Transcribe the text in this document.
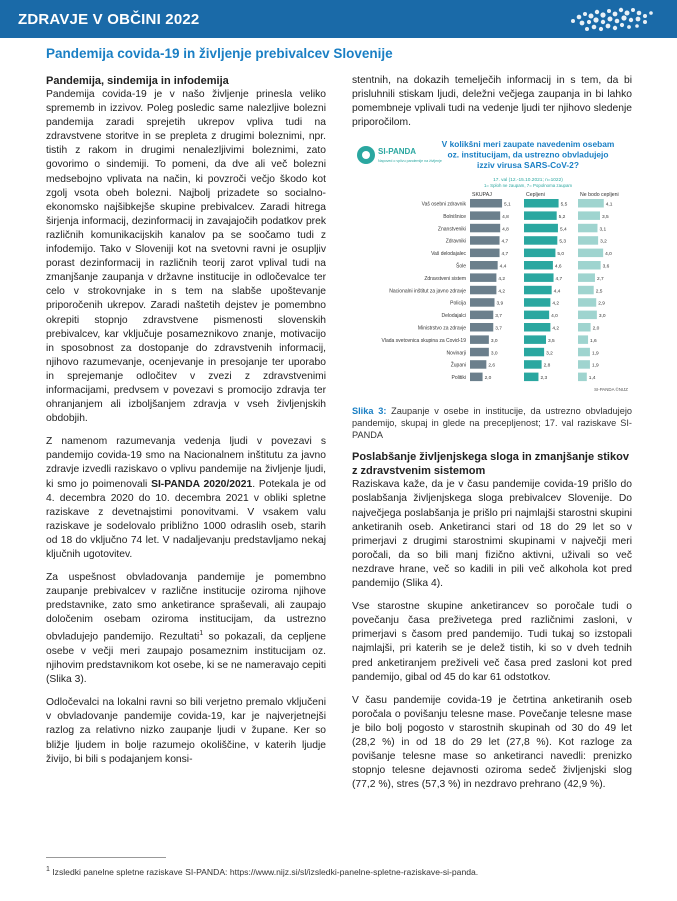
ZDRAVJE V OBČINI 2022
Pandemija covida-19 in življenje prebivalcev Slovenije
Pandemija, sindemija in infodemija

Pandemija covida-19 je v našo življenje prinesla veliko sprememb in izzivov. Poleg posledic same nalezljive bolezni pandemija zaradi sprejetih ukrepov vpliva tudi na zdravstvene storitve in se prepleta z drugimi boleznimi, npr. tistih z rakom in drugimi nenalezljivimi boleznimi, zato govorimo o sindemiji. To pomeni, da dve ali več bolezni medsebojno vplivata na način, ki povzroči večjo škodo kot zgolj vsota obeh bolezni. Najbolj prizadete so socialno-ekonomsko najšibkejše skupine prebivalcev. Zaradi hitrega širjenja informacij, dezinformacij in zavajajočih podatkov prek različnih komunikacijskih kanalov pa se soočamo tudi z infodemijo. Tako v Sloveniji kot na svetovni ravni je osupljiv porast dezinformacij in različnih teorij zarot vplival tudi na zmanjšanje zaupanja v državne institucije in odločevalce ter celo v strokovnjake in s tem na slabše upoštevanje priporočenih ukrepov. Zaradi naštetih dejstev je pomembno okrepiti stopnjo zdravstvene pismenosti slovenskih prebivalcev, kar vključuje posameznikovo znanje, motivacijo in sposobnost za dostopanje do zdravstvenih informacij, njihovo razumevanje, ocenjevanje in presojanje ter uporabo in sprejemanje odločitev v zvezi z zdravstvenimi informacijami, predvsem v povezavi s promocijo zdravja ter ohranjanjem ali izboljšanjem zdravja v vseh življenjskih obdobjih.

Z namenom razumevanja vedenja ljudi v povezavi s pandemijo covida-19 smo na Nacionalnem inštitutu za javno zdravje izvedli raziskavo o vplivu pandemije na življenje ljudi, ki smo jo poimenovali SI-PANDA 2020/2021. Potekala je od 4. decembra 2020 do 10. decembra 2021 v obliki spletne raziskave z devetnajstimi ponovitvami. V vsakem valu raziskave je sodelovalo približno 1000 odraslih oseb, starih od 18 do vključno 74 let. V nadaljevanju predstavljamo nekaj ključnih ugotovitev.

Za uspešnost obvladovanja pandemije je pomembno zaupanje prebivalcev v različne institucije oziroma njihove predstavnike, zato smo anketirance spraševali, ali zaupajo določenim osebam oziroma institucijam, da ustrezno obvladujejo pandemijo. Rezultati$^1$ so pokazali, da cepljene osebe v večji meri zaupajo posameznim institucijam oz. njihovim predstavnikom kot osebe, ki se ne nameravajo cepiti (Slika 3).

Odločevalci na lokalni ravni so bili verjetno premalo vključeni v obvladovanje pandemije covida-19, kar je najverjetnejši razlog za relativno nizko zaupanje ljudi v župane. Ker so bližje ljudem in bolje razumejo okoliščine, v katerih ljudje živijo, bi bili s podajanjem konsi-

stentnih, na dokazih temelječih informacij in s tem, da bi prisluhnili stiskam ljudi, deležni večjega zaupanja in bi lahko pomembneje vplivali tudi na vedenje ljudi ter njihovo sledenje priporočilom.

SI-PANDA
Napoved o vplivu pandemije na življenje
V kolikšni meri zaupate navedenim osebam
oz. institucijam, da ustrezno obvladujejo
izziv virusa SARS-CoV-2?
17. val (12.-15.10.2021; n=1022)
1= Sploh ne zaupam, 7= Popolnoma zaupam
SKUPAJ	Cepljeni	Ne bodo cepljeni
Vaš osebni zdravnik	5,1	5,5	4,1
Bolnišnice	4,8	5,2	3,5
Znanstveniki	4,8	5,4	3,1
Zdravniki	4,7	5,3	3,2
Vaš delodajalec	4,7	5,0	4,0
Šole	4,4	4,6	3,6
Zdravstveni sistem	4,2	4,7	2,7
Nacionalni inštitut za javno zdravje	4,2	4,4	2,5
Policija	3,9	4,2	2,9
Delodajalci	3,7	4,0	3,0
Ministrstvo za zdravje	3,7	4,2	2,0
Vlada svetovnica skupina za Covid-19	3,0	3,5	1,6
Novinarji	3,0	3,2	1,9
Župani	2,6	2,8	1,9
Politiki	2,0	2,3	1,4
SI-PANDA ©NIJZ

Slika 3: Zaupanje v osebe in institucije, da ustrezno obvladujejo pandemijo, skupaj in glede na precepljenost; 17. val raziskave SI-PANDA

Poslabšanje življenjskega sloga in zmanjšanje stikov z zdravstvenim sistemom

Raziskava kaže, da je v času pandemije covida-19 prišlo do poslabšanja življenjskega sloga prebivalcev Slovenije. Do največjega poslabšanja je prišlo pri najmlajši starostni skupini anketiranih oseb. Anketiranci stari od 18 do 29 let so v primerjavi z drugimi starostnimi skupinami v največji meri poročali, da so bili manj fizično aktivni, uživali so več nezdrave hrane, več so kadili in pili več alkohola kot pred pandemijo (Slika 4).

Vse starostne skupine anketirancev so poročale tudi o povečanju časa preživetega pred različnimi zasloni, v primerjavi s časom pred pandemijo. Tudi tukaj so izstopali najmlajši, pri katerih se je delež tistih, ki so v dveh tednih pred anketiranjem preživeli več časa pred zasloni kot pred pandemijo, gibal od 45 do kar 61 odstotkov.

V času pandemije covida-19 je četrtina anketiranih oseb poročala o povišanju telesne mase. Povečanje telesne mase je bilo bolj pogosto v starostnih skupinah od 30 do 49 let (28,2 %) in od 18 do 29 let (27,8 %). Kot razloge za povišanje telesne mase so anketiranci navedli: prenizko stopnjo telesne dejavnosti oziroma sedeč življenjski slog (77,2 %), stres (57,3 %) in nezdravo prehrano (42,9 %).

$^1$ Izsledki panelne spletne raziskave SI-PANDA: https://www.nijz.si/sl/izsledki-panelne-spletne-raziskave-si-panda.
